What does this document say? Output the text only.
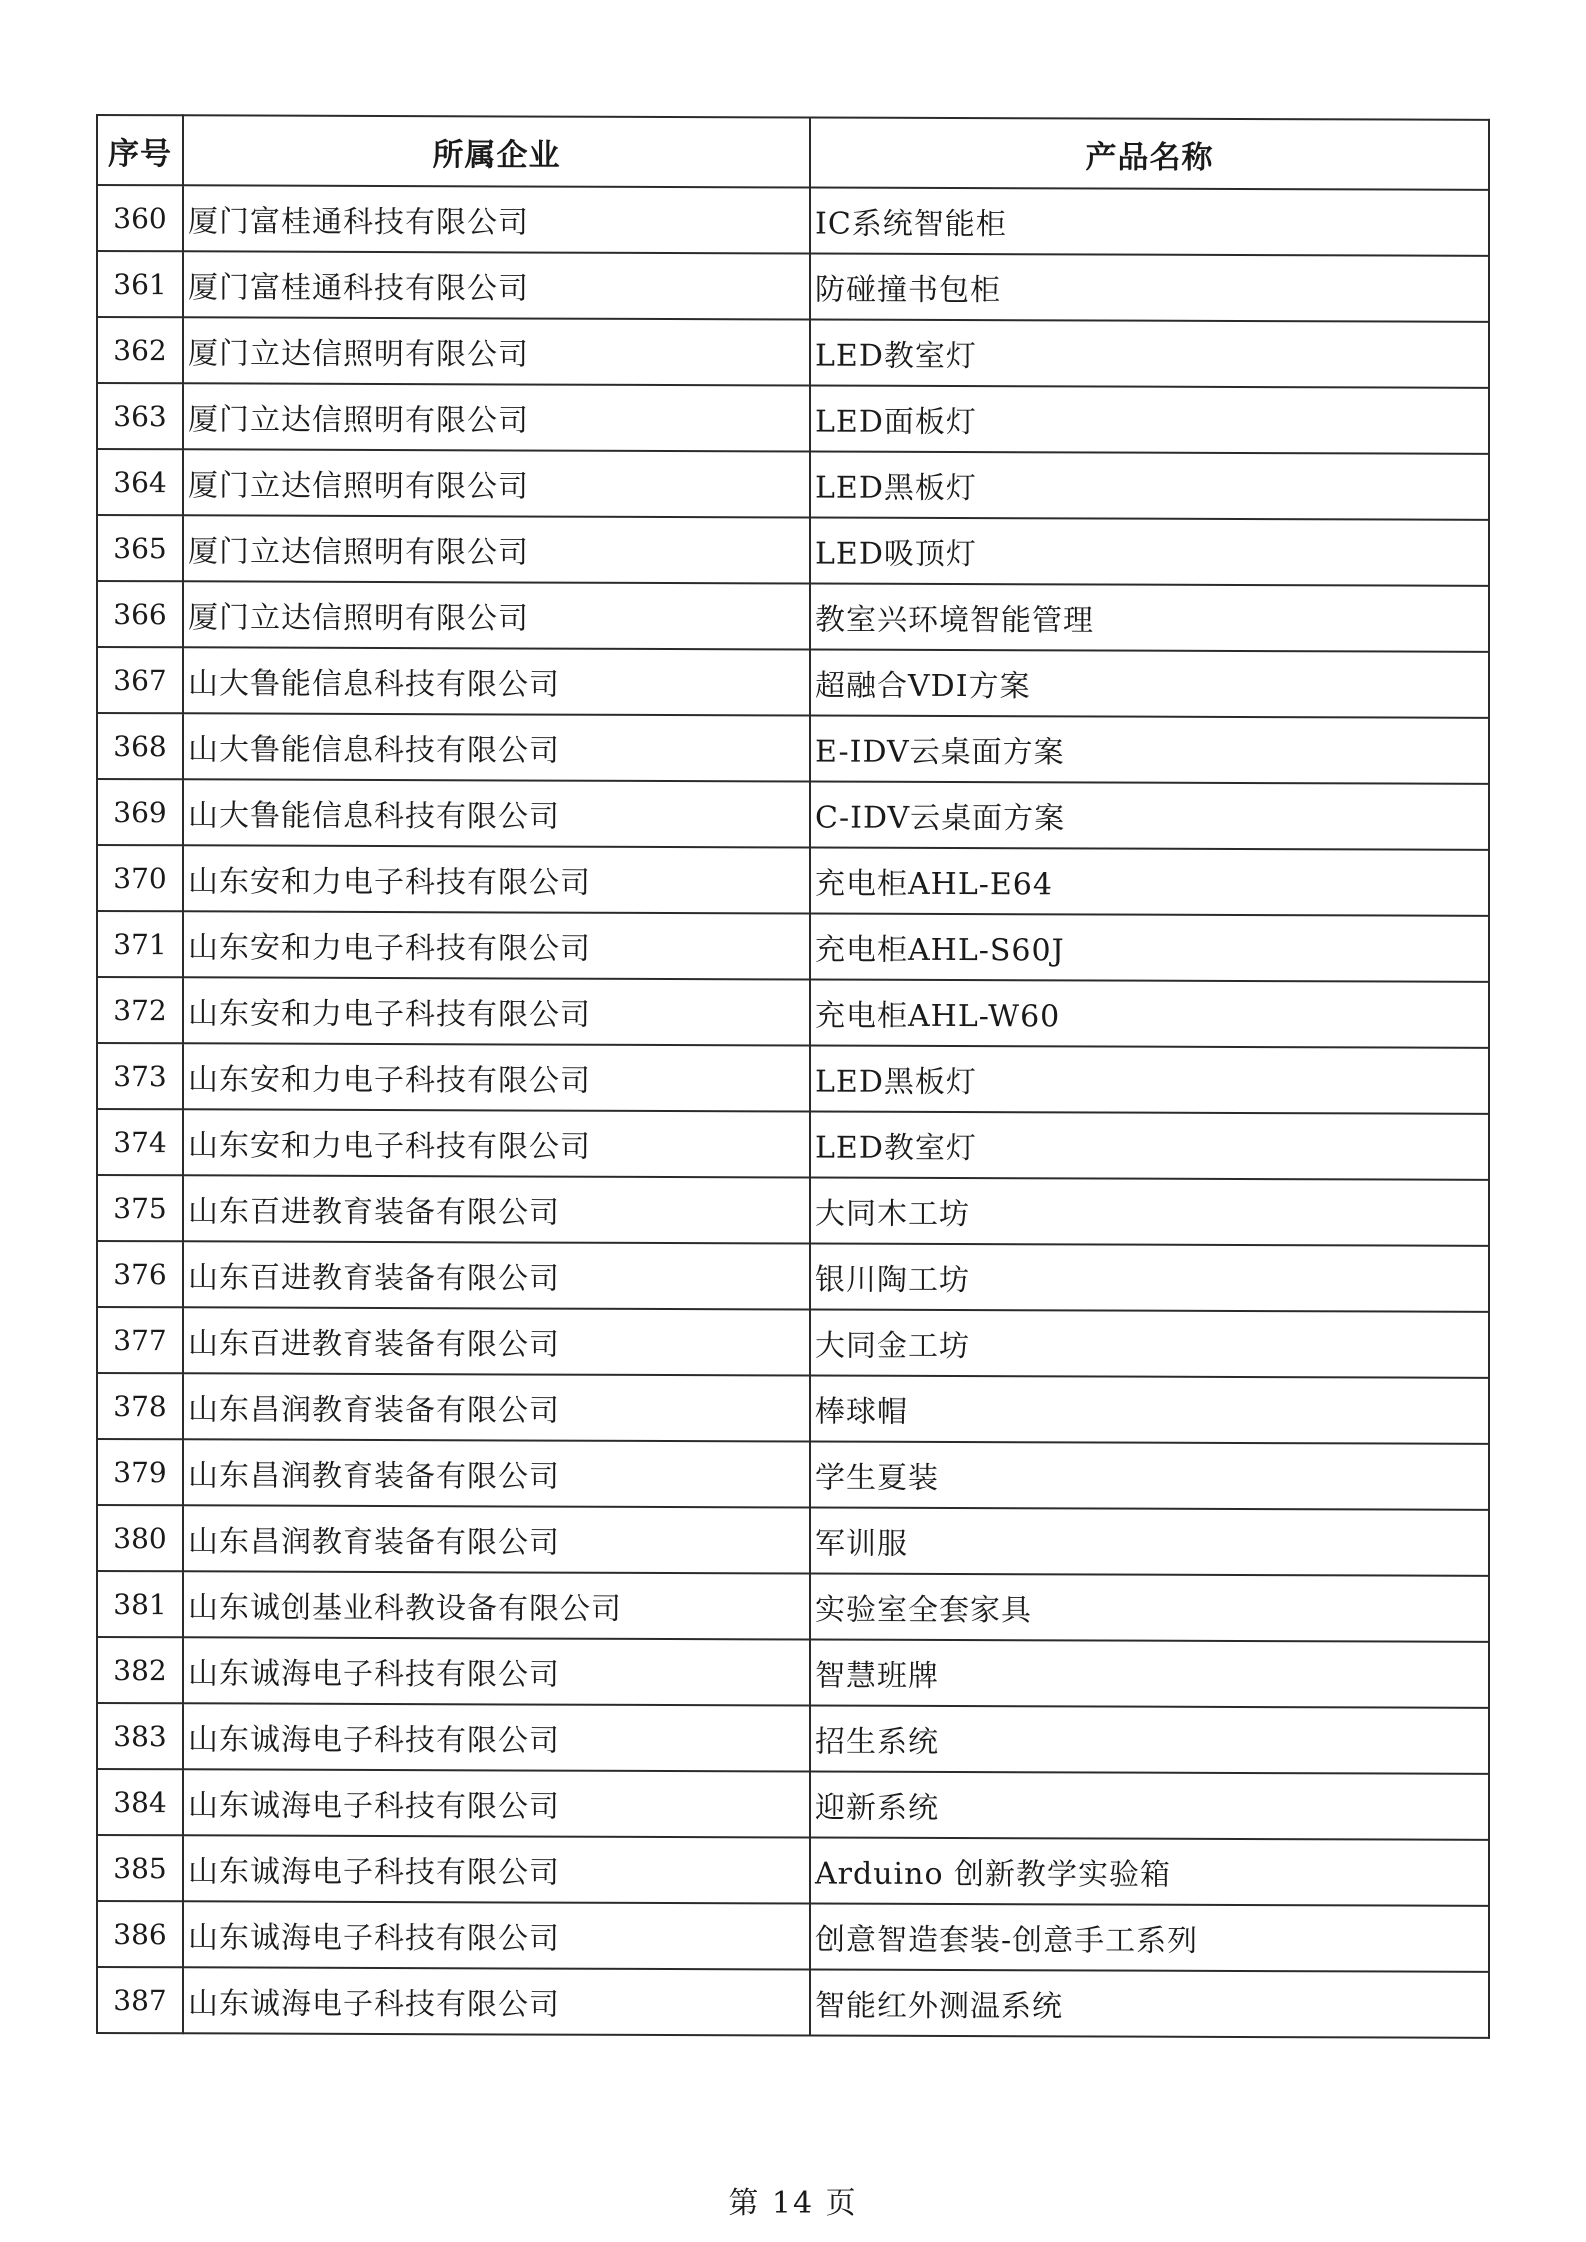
序号	所属企业	产品名称
360	厦门富桂通科技有限公司	IC系统智能柜
361	厦门富桂通科技有限公司	防碰撞书包柜
362	厦门立达信照明有限公司	LED教室灯
363	厦门立达信照明有限公司	LED面板灯
364	厦门立达信照明有限公司	LED黑板灯
365	厦门立达信照明有限公司	LED吸顶灯
366	厦门立达信照明有限公司	教室兴环境智能管理
367	山大鲁能信息科技有限公司	超融合VDI方案
368	山大鲁能信息科技有限公司	E-IDV云桌面方案
369	山大鲁能信息科技有限公司	C-IDV云桌面方案
370	山东安和力电子科技有限公司	充电柜AHL-E64
371	山东安和力电子科技有限公司	充电柜AHL-S60J
372	山东安和力电子科技有限公司	充电柜AHL-W60
373	山东安和力电子科技有限公司	LED黑板灯
374	山东安和力电子科技有限公司	LED教室灯
375	山东百进教育装备有限公司	大同木工坊
376	山东百进教育装备有限公司	银川陶工坊
377	山东百进教育装备有限公司	大同金工坊
378	山东昌润教育装备有限公司	棒球帽
379	山东昌润教育装备有限公司	学生夏装
380	山东昌润教育装备有限公司	军训服
381	山东诚创基业科教设备有限公司	实验室全套家具
382	山东诚海电子科技有限公司	智慧班牌
383	山东诚海电子科技有限公司	招生系统
384	山东诚海电子科技有限公司	迎新系统
385	山东诚海电子科技有限公司	Arduino 创新教学实验箱
386	山东诚海电子科技有限公司	创意智造套装-创意手工系列
387	山东诚海电子科技有限公司	智能红外测温系统
第 14 页
